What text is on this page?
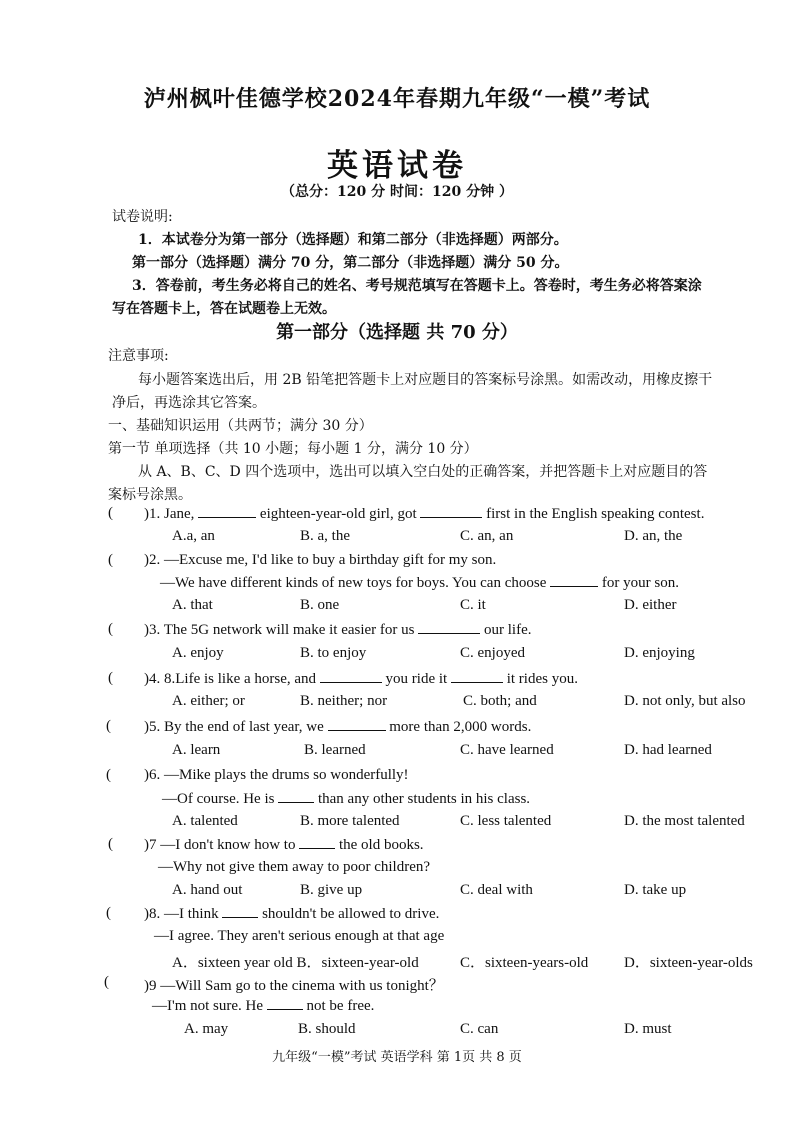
泸州枫叶佳德学校2024年春期九年级“一模”考试
英语试卷
（总分：120 分 时间：120 分钟 ）
试卷说明:
1．本试卷分为第一部分（选择题）和第二部分（非选择题）两部分。
第一部分（选择题）满分 70 分，第二部分（非选择题）满分 50 分。
3．答卷前，考生务必将自己的姓名、考号规范填写在答题卡上。答卷时，考生务必将答案涂
写在答题卡上，答在试题卷上无效。
第一部分（选择题 共 70 分）
注意事项:
每小题答案选出后，用 2B 铅笔把答题卡上对应题目的答案标号涂黑。如需改动，用橡皮擦干
净后，再选涂其它答案。
一、基础知识运用（共两节；满分 30 分）
第一节 单项选择（共 10 小题；每小题 1 分，满分 10 分）
从 A、B、C、D 四个选项中，选出可以填入空白处的正确答案，并把答题卡上对应题目的答
案标号涂黑。
( )1. Jane,	eighteen-year-old girl, got	first in the English speaking contest.
A.a, an	B. a, the	C. an, an	D. an, the
( )2. —Excuse me, I'd like to buy a birthday gift for my son.
—We have different kinds of new toys for boys. You can choose	for your son.
A. that	B. one	C. it	D. either
( )3. The 5G network will make it easier for us	our life.
A. enjoy	B. to enjoy	C. enjoyed	D. enjoying
( )4. 8.Life is like a horse, and	you ride it	it rides you.
A. either; or	B. neither; nor	C. both; and	D. not only, but also
( )5. By the end of last year, we	more than 2,000 words.
A. learn	B. learned	C. have learned	D. had learned
( )6. —Mike plays the drums so wonderfully!
—Of course. He is	than any other students in his class.
A. talented	B. more talented	C. less talented	D. the most talented
( )7 —I don't know how to	the old books.
—Why not give them away to poor children?
A. hand out	B. give up	C. deal with	D. take up
( )8. —I think	shouldn't be allowed to drive.
—I agree. They aren't serious enough at that age
A．sixteen year old B．sixteen-year-old	C．sixteen-years-old D．sixteen-year-olds
( )9 —Will Sam go to the cinema with us tonight？
—I'm not sure. He	not be free.
A. may	B. should	C. can	D. must
九年级“一模”考试 英语学科 第 1页 共 8 页
